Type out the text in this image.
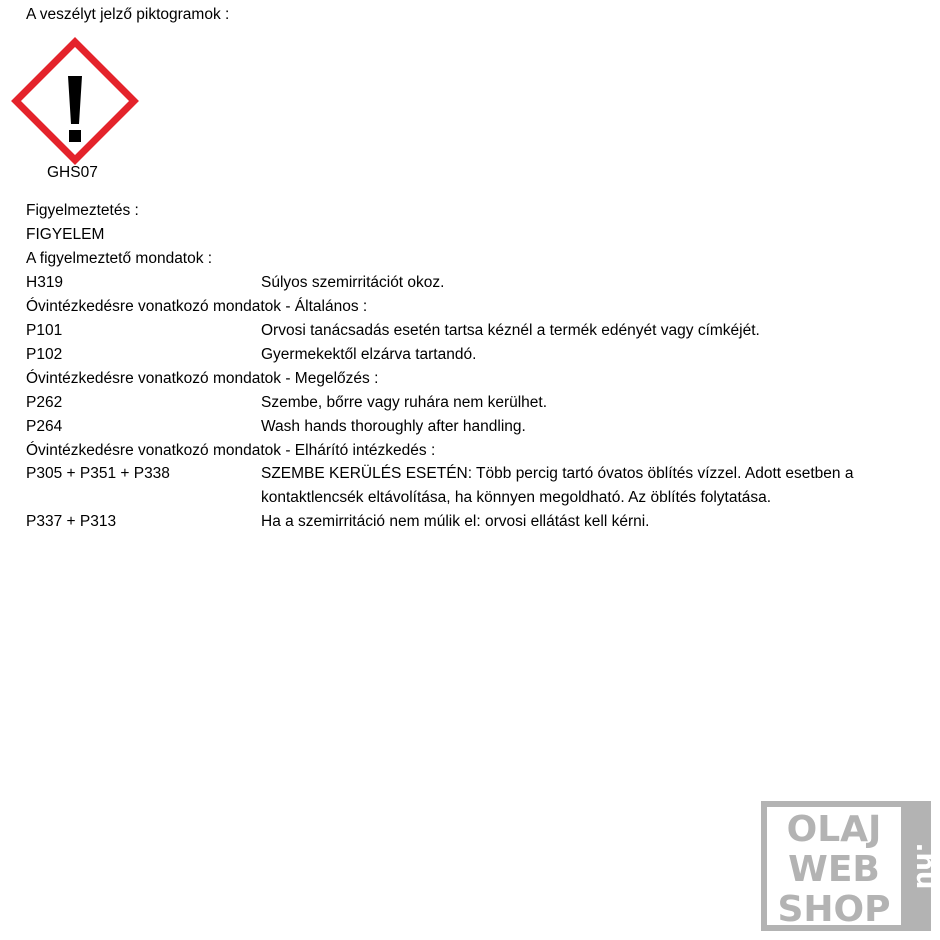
A veszélyt jelző piktogramok :
GHS07
Figyelmeztetés :
FIGYELEM
A figyelmeztető mondatok :
H319	Súlyos szemirritációt okoz.
Óvintézkedésre vonatkozó mondatok - Általános :
P101	Orvosi tanácsadás esetén tartsa kéznél a termék edényét vagy címkéjét.
P102	Gyermekektől elzárva tartandó.
Óvintézkedésre vonatkozó mondatok - Megelőzés :
P262	Szembe, bőrre vagy ruhára nem kerülhet.
P264	Wash hands thoroughly after handling.
Óvintézkedésre vonatkozó mondatok - Elhárító intézkedés :
P305 + P351 + P338	SZEMBE KERÜLÉS ESETÉN: Több percig tartó óvatos öblítés vízzel. Adott esetben a
kontaktlencsék eltávolítása, ha könnyen megoldható. Az öblítés folytatása.
P337 + P313	Ha a szemirritáció nem múlik el: orvosi ellátást kell kérni.
OLAJ
WEB
SHOP
.hu
